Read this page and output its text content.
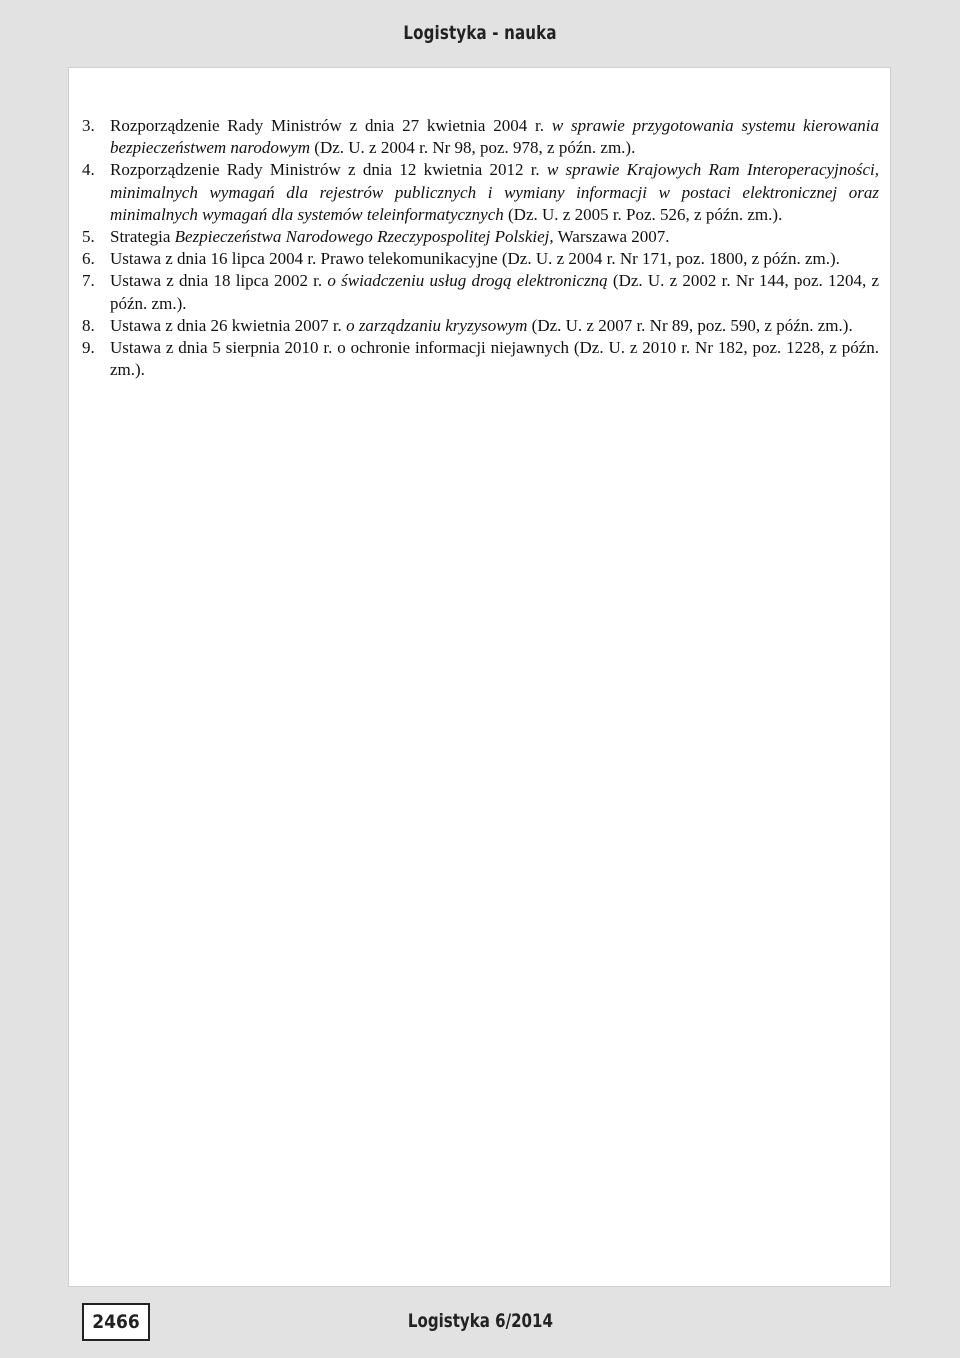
Logistyka - nauka
3. Rozporządzenie Rady Ministrów z dnia 27 kwietnia 2004 r. w sprawie przygotowania systemu kierowania bezpieczeństwem narodowym (Dz. U. z 2004 r. Nr 98, poz. 978, z późn. zm.).
4. Rozporządzenie Rady Ministrów z dnia 12 kwietnia 2012 r. w sprawie Krajowych Ram Interoperacyjności, minimalnych wymagań dla rejestrów publicznych i wymiany informacji w postaci elektronicznej oraz minimalnych wymagań dla systemów teleinformatycznych (Dz. U. z 2005 r. Poz. 526, z późn. zm.).
5. Strategia Bezpieczeństwa Narodowego Rzeczypospolitej Polskiej, Warszawa 2007.
6. Ustawa z dnia 16 lipca 2004 r. Prawo telekomunikacyjne (Dz. U. z 2004 r. Nr 171, poz. 1800, z późn. zm.).
7. Ustawa z dnia 18 lipca 2002 r. o świadczeniu usług drogą elektroniczną (Dz. U. z 2002 r. Nr 144, poz. 1204, z późn. zm.).
8. Ustawa z dnia 26 kwietnia 2007 r. o zarządzaniu kryzysowym (Dz. U. z 2007 r. Nr 89, poz. 590, z późn. zm.).
9. Ustawa z dnia 5 sierpnia 2010 r. o ochronie informacji niejawnych (Dz. U. z 2010 r. Nr 182, poz. 1228, z późn. zm.).
2466	Logistyka 6/2014
